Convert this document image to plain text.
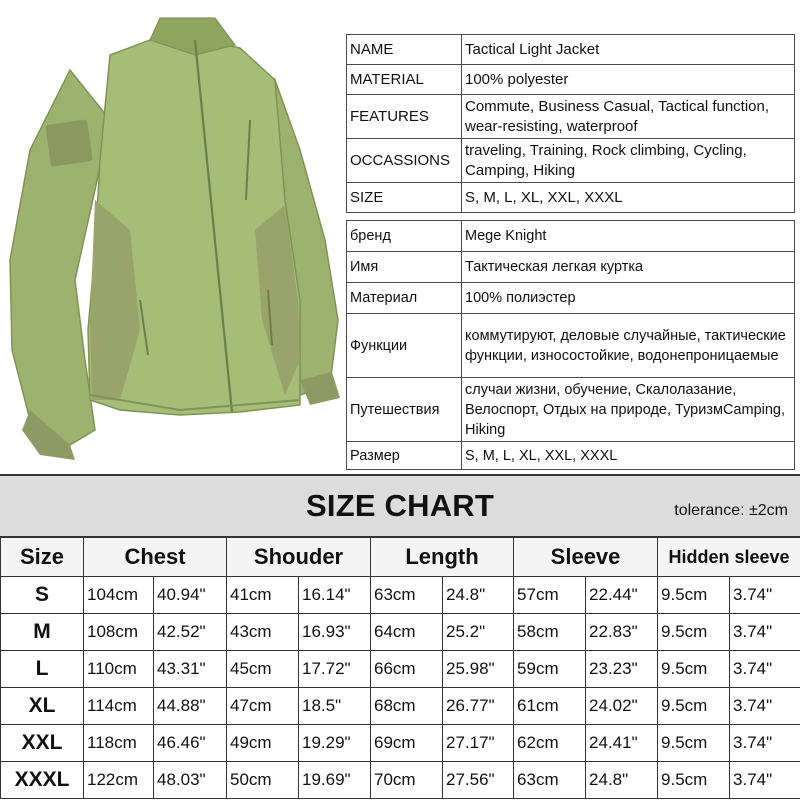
NAME	Tactical Light Jacket
MATERIAL	100% polyester
FEATURES	Commute, Business Casual, Tactical function, wear-resisting, waterproof
OCCASSIONS	traveling, Training, Rock climbing, Cycling, Camping, Hiking
SIZE	S, M, L, XL, XXL, XXXL
бренд	Mege Knight
Имя	Тактическая легкая куртка
Материал	100% полиэстер
Функции	коммутируют, деловые случайные, тактические функции, износостойкие, водонепроницаемые
Путешествия	случаи жизни, обучение, Скалолазание, Велоспорт, Отдых на природе, ТуризмCamping, Hiking
Размер	S, M, L, XL, XXL, XXXL
SIZE CHART	tolerance: ±2cm
Size	Chest		Shouder		Length		Sleeve		Hidden sleeve	
S	104cm	40.94"	41cm	16.14"	63cm	24.8"	57cm	22.44"	9.5cm	3.74"
M	108cm	42.52"	43cm	16.93"	64cm	25.2"	58cm	22.83"	9.5cm	3.74"
L	110cm	43.31"	45cm	17.72"	66cm	25.98"	59cm	23.23"	9.5cm	3.74"
XL	114cm	44.88"	47cm	18.5"	68cm	26.77"	61cm	24.02"	9.5cm	3.74"
XXL	118cm	46.46"	49cm	19.29"	69cm	27.17"	62cm	24.41"	9.5cm	3.74"
XXXL	122cm	48.03"	50cm	19.69"	70cm	27.56"	63cm	24.8"	9.5cm	3.74"
